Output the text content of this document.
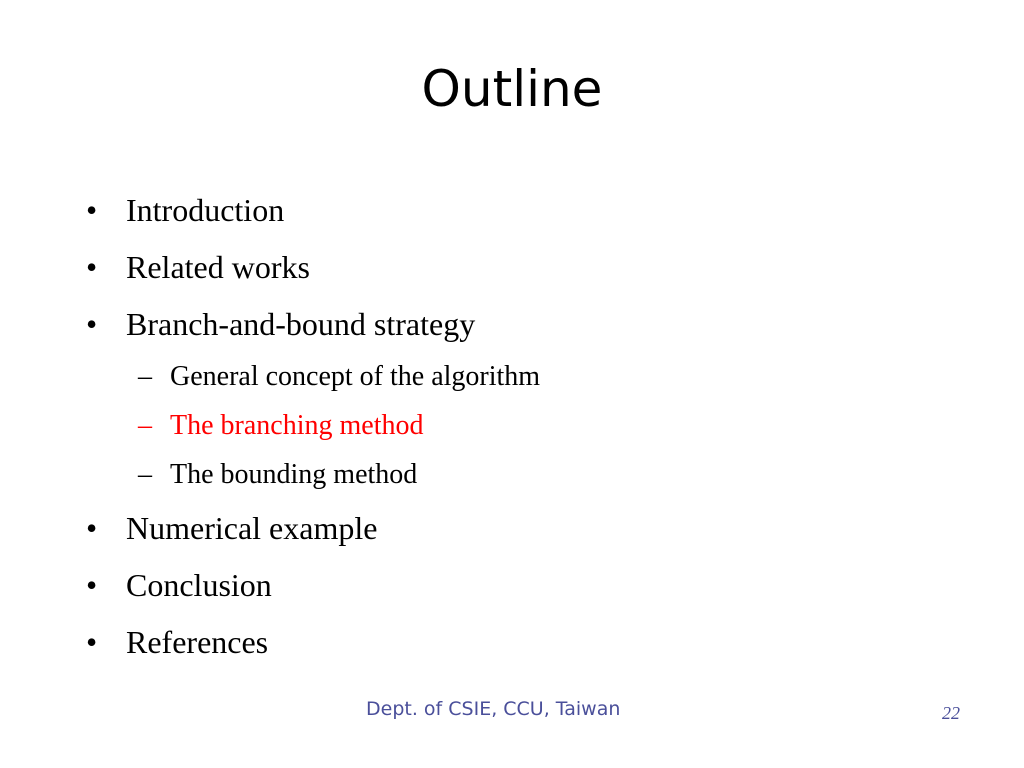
Outline
• Introduction
• Related works
• Branch-and-bound strategy
– General concept of the algorithm
– The branching method
– The bounding method
• Numerical example
• Conclusion
• References
Dept. of CSIE, CCU, Taiwan	22
